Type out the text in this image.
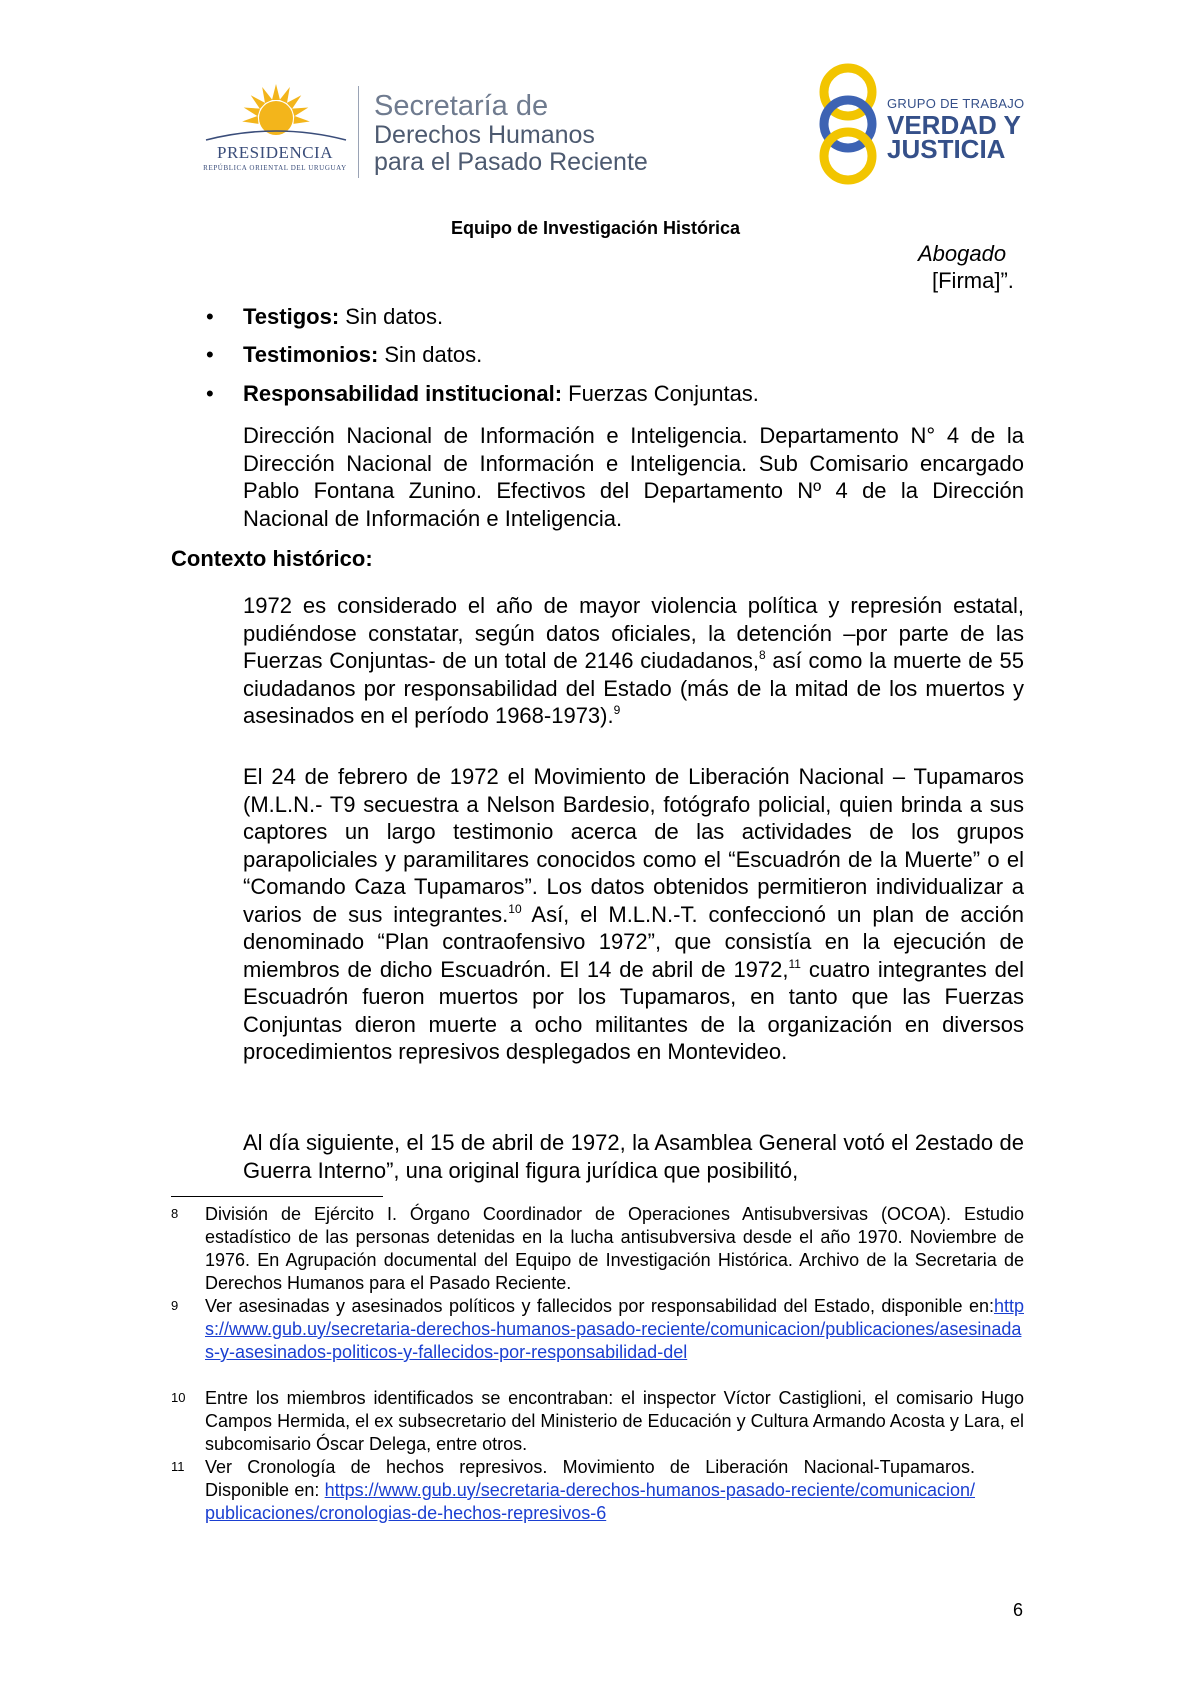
PRESIDENCIA
REPÚBLICA ORIENTAL DEL URUGUAY
Secretaría de
Derechos Humanos
para el Pasado Reciente
GRUPO DE TRABAJO
VERDAD Y
JUSTICIA
Equipo de Investigación Histórica
Abogado
[Firma]”.
• Testigos: Sin datos.
• Testimonios: Sin datos.
• Responsabilidad institucional: Fuerzas Conjuntas.
Dirección Nacional de Información e Inteligencia. Departamento N° 4 de la Dirección Nacional de Información e Inteligencia. Sub Comisario encargado Pablo Fontana Zunino. Efectivos del Departamento Nº 4 de la Dirección Nacional de Información e Inteligencia.
Contexto histórico:
1972 es considerado el año de mayor violencia política y represión estatal, pudiéndose constatar, según datos oficiales, la detención –por parte de las Fuerzas Conjuntas- de un total de 2146 ciudadanos,$^8$ así como la muerte de 55 ciudadanos por responsabilidad del Estado (más de la mitad de los muertos y asesinados en el período 1968-1973).$^9$
El 24 de febrero de 1972 el Movimiento de Liberación Nacional – Tupamaros (M.L.N.- T9 secuestra a Nelson Bardesio, fotógrafo policial, quien brinda a sus captores un largo testimonio acerca de las actividades de los grupos parapoliciales y paramilitares conocidos como el “Escuadrón de la Muerte” o el “Comando Caza Tupamaros”. Los datos obtenidos permitieron individualizar a varios de sus integrantes.$^{10}$ Así, el M.L.N.-T. confeccionó un plan de acción denominado “Plan contraofensivo 1972”, que consistía en la ejecución de miembros de dicho Escuadrón. El 14 de abril de 1972,11 cuatro integrantes del Escuadrón fueron muertos por los Tupamaros, en tanto que las Fuerzas Conjuntas dieron muerte a ocho militantes de la organización en diversos procedimientos represivos desplegados en Montevideo.
Al día siguiente, el 15 de abril de 1972, la Asamblea General votó el 2estado de Guerra Interno”, una original figura jurídica que posibilitó,
8 División de Ejército I. Órgano Coordinador de Operaciones Antisubversivas (OCOA). Estudio estadístico de las personas detenidas en la lucha antisubversiva desde el año 1970. Noviembre de 1976. En Agrupación documental del Equipo de Investigación Histórica. Archivo de la Secretaria de Derechos Humanos para el Pasado Reciente.
9 Ver asesinadas y asesinados políticos y fallecidos por responsabilidad del Estado, disponible en:https://www.gub.uy/secretaria-derechos-humanos-pasado-reciente/comunicacion/publicaciones/asesinadas-y-asesinados-politicos-y-fallecidos-por-responsabilidad-del
10 Entre los miembros identificados se encontraban: el inspector Víctor Castiglioni, el comisario Hugo Campos Hermida, el ex subsecretario del Ministerio de Educación y Cultura Armando Acosta y Lara, el subcomisario Óscar Delega, entre otros.
11 Ver Cronología de hechos represivos. Movimiento de Liberación Nacional-Tupamaros. Disponible en: https://www.gub.uy/secretaria-derechos-humanos-pasado-reciente/comunicacion/publicaciones/cronologias-de-hechos-represivos-6
6
